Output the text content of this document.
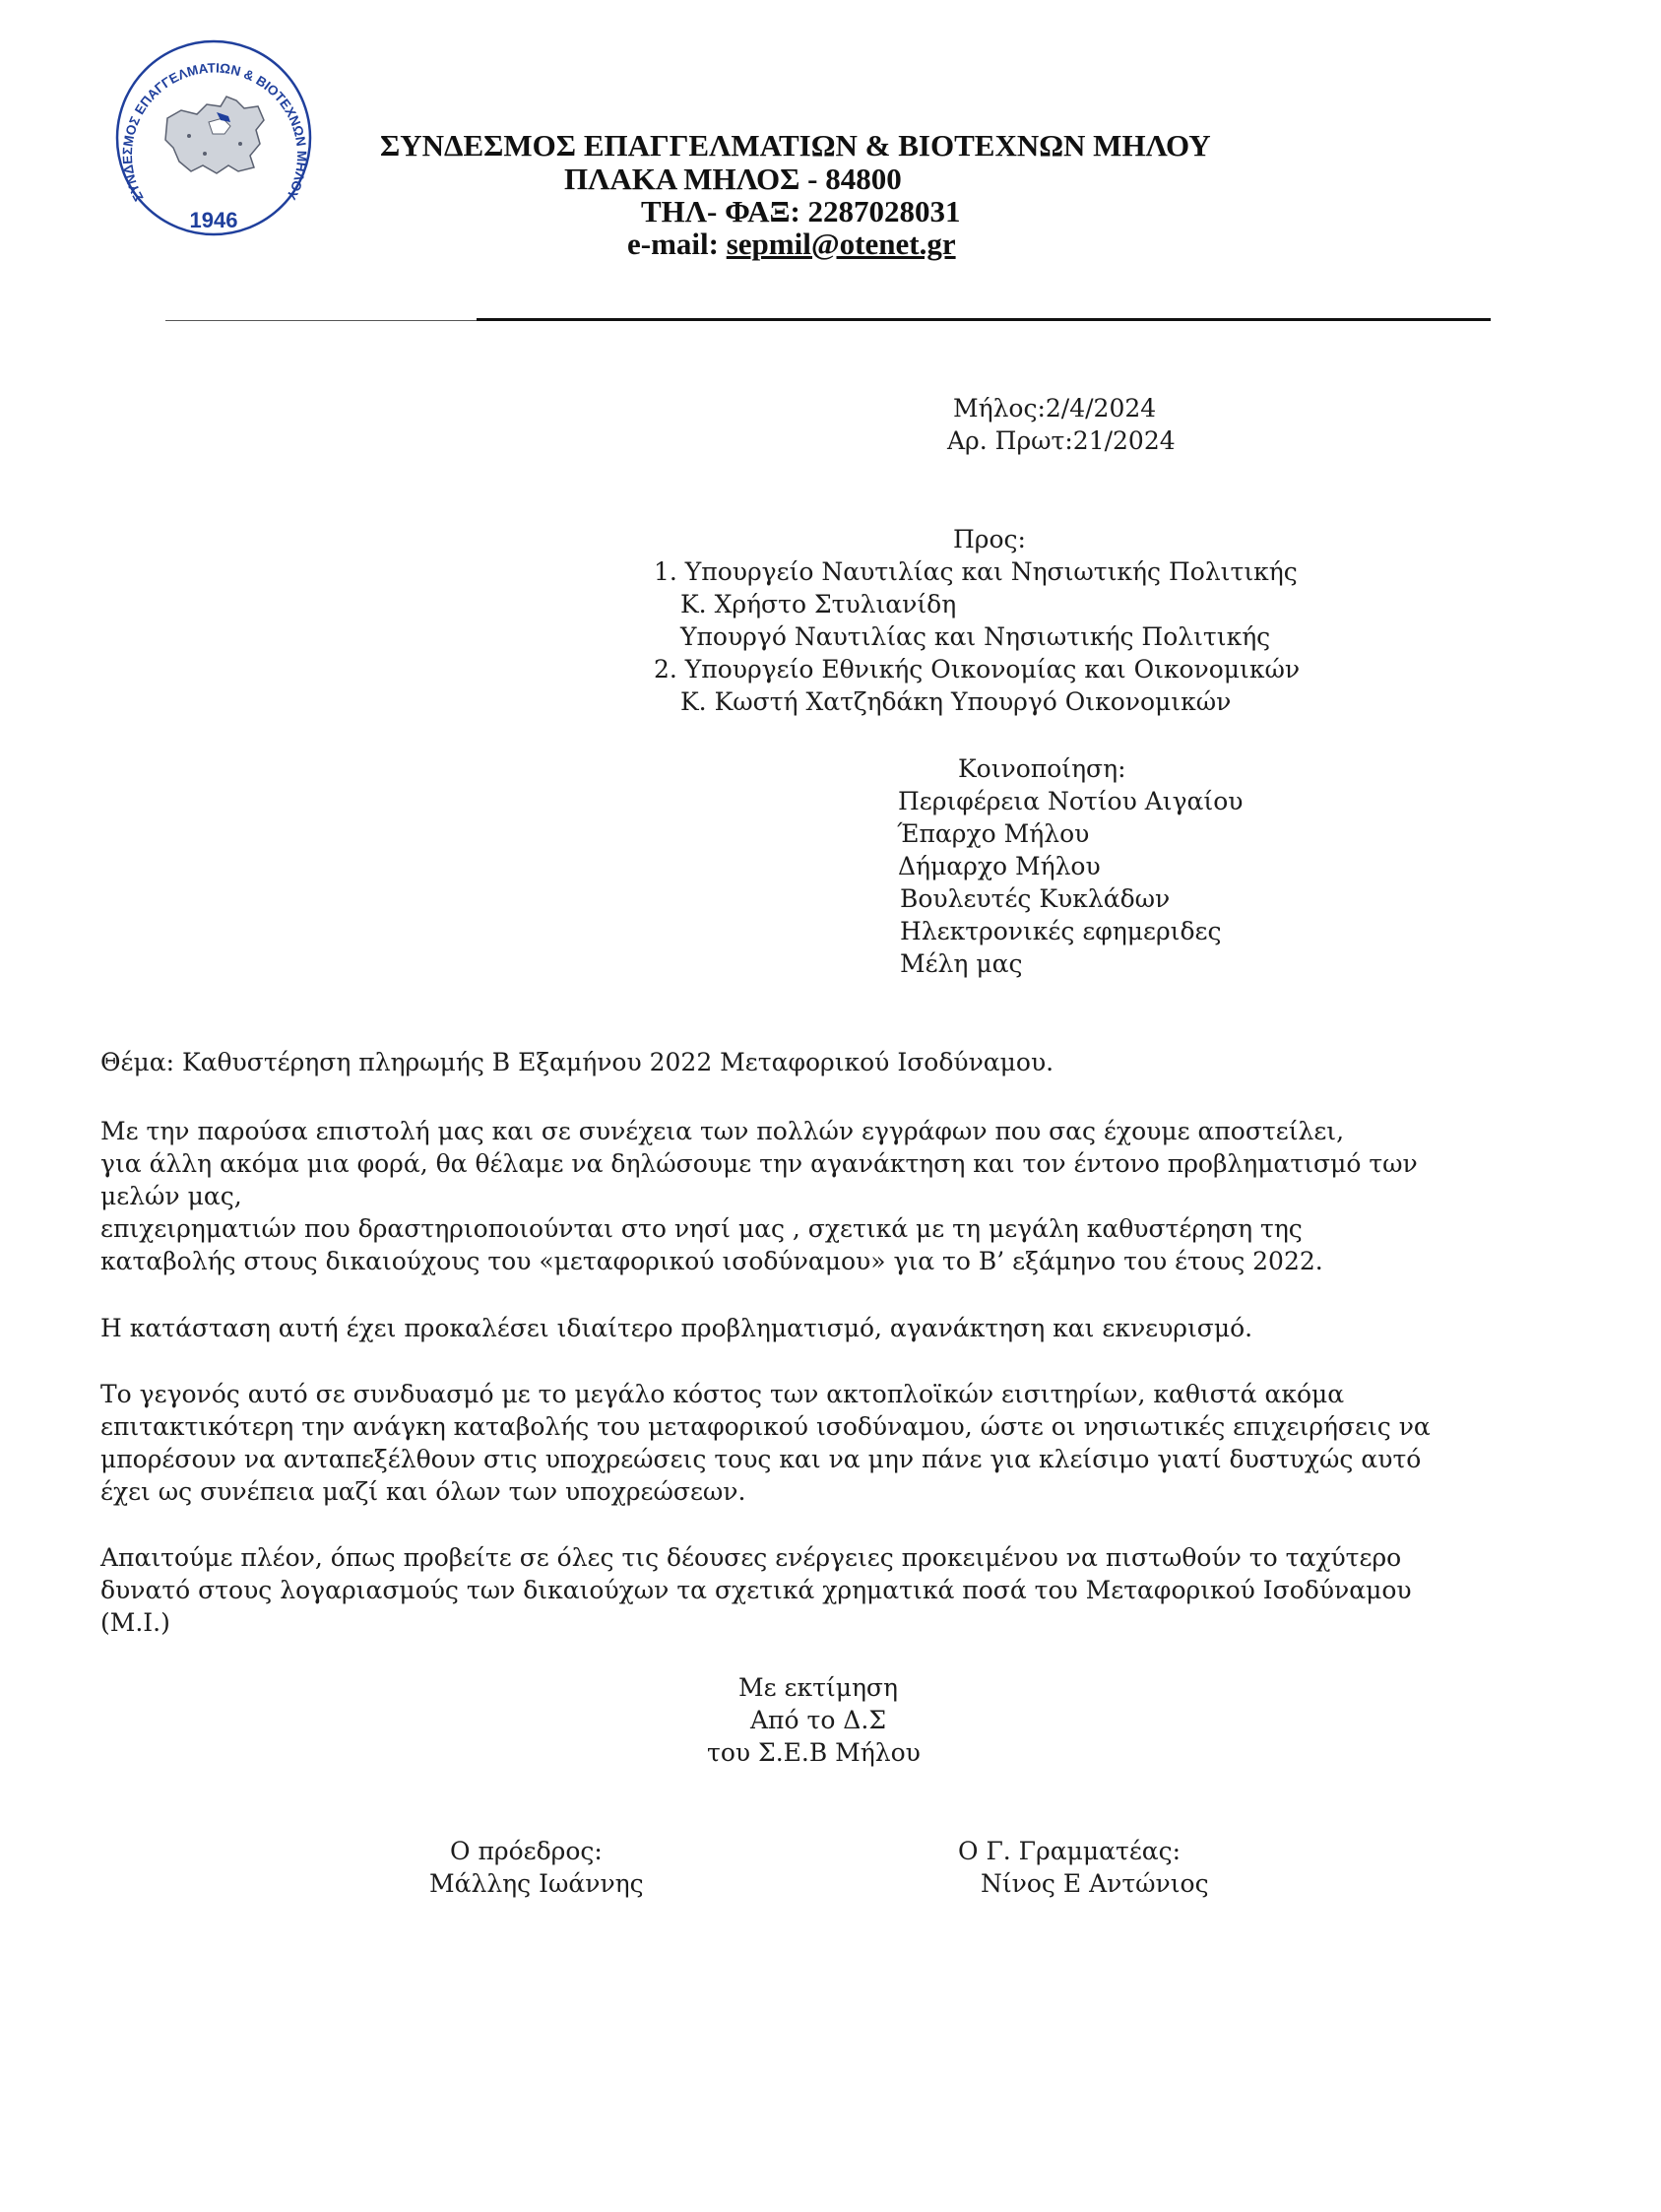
ΣΥΝΔΕΣΜΟΣ ΕΠΑΓΓΕΛΜΑΤΙΩΝ & ΒΙΟΤΕΧΝΩΝ ΜΗΛΟΥ
1946
ΣΥΝΔΕΣΜΟΣ ΕΠΑΓΓΕΛΜΑΤΙΩΝ & ΒΙΟΤΕΧΝΩΝ ΜΗΛΟΥ
ΠΛΑΚΑ ΜΗΛΟΣ - 84800
ΤΗΛ- ΦΑΞ: 2287028031
e-mail: sepmil@otenet.gr
Μήλος:2/4/2024
Αρ. Πρωτ:21/2024
Προς:
1. Υπουργείο Ναυτιλίας και Νησιωτικής Πολιτικής
Κ. Χρήστο Στυλιανίδη
Υπουργό Ναυτιλίας και Νησιωτικής Πολιτικής
2. Υπουργείο Εθνικής Οικονομίας και Οικονομικών
Κ. Κωστή Χατζηδάκη Υπουργό Οικονομικών
Κοινοποίηση:
Περιφέρεια Νοτίου Αιγαίου
Έπαρχο Μήλου
Δήμαρχο Μήλου
Βουλευτές Κυκλάδων
Ηλεκτρονικές εφημεριδες
Μέλη μας
Θέμα: Καθυστέρηση πληρωμής Β Εξαμήνου 2022 Μεταφορικού Ισοδύναμου.
Με την παρούσα επιστολή μας και σε συνέχεια των πολλών εγγράφων που σας έχουμε αποστείλει,
για άλλη ακόμα μια φορά, θα θέλαμε να δηλώσουμε την αγανάκτηση και τον έντονο προβληματισμό των
μελών μας,
επιχειρηματιών που δραστηριοποιούνται στο νησί μας , σχετικά με τη μεγάλη καθυστέρηση της
καταβολής στους δικαιούχους του «μεταφορικού ισοδύναμου» για το Β’ εξάμηνο του έτους 2022.
Η κατάσταση αυτή έχει προκαλέσει ιδιαίτερο προβληματισμό, αγανάκτηση και εκνευρισμό.
Το γεγονός αυτό σε συνδυασμό με το μεγάλο κόστος των ακτοπλοϊκών εισιτηρίων, καθιστά ακόμα
επιτακτικότερη την ανάγκη καταβολής του μεταφορικού ισοδύναμου, ώστε οι νησιωτικές επιχειρήσεις να
μπορέσουν να ανταπεξέλθουν στις υποχρεώσεις τους και να μην πάνε για κλείσιμο γιατί δυστυχώς αυτό
έχει ως συνέπεια μαζί και όλων των υποχρεώσεων.
Απαιτούμε πλέον, όπως προβείτε σε όλες τις δέουσες ενέργειες προκειμένου να πιστωθούν το ταχύτερο
δυνατό στους λογαριασμούς των δικαιούχων τα σχετικά χρηματικά ποσά του Μεταφορικού Ισοδύναμου
(Μ.Ι.)
Με εκτίμηση
Από το Δ.Σ
του Σ.Ε.Β Μήλου
Ο πρόεδρος:
Μάλλης Ιωάννης
Ο Γ. Γραμματέας:
Νίνος Ε Αντώνιος
